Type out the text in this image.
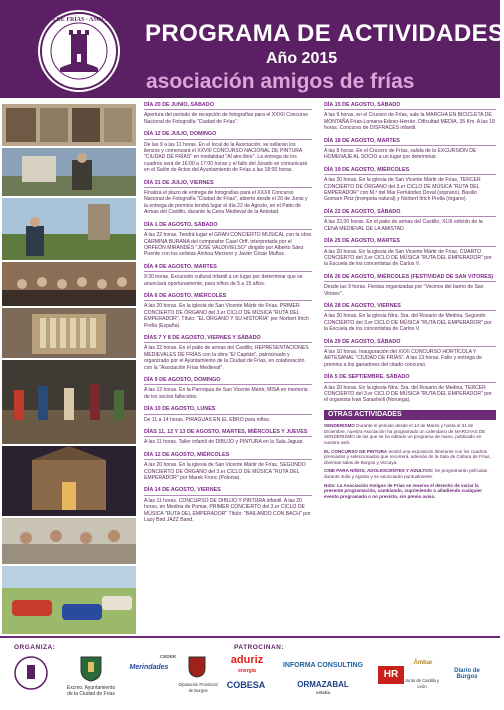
AMIGOS DE FRÍAS · ASOCIACIÓN PROGRAMA DE ACTIVIDADES
Año 2015
asociación amigos de frías
DÍA 20 DE JUNIO, SÁBADO
Apertura del periodo de recepción de fotografías para el XXXII Concurso Nacional de Fotografía "Ciudad de Frías".
DÍA 12 DE JULIO, DOMINGO
De las 9 a las 11 horas. En el local de la Asociación, se sellarán los lienzos y comenzará el XXVIII CONCURSO NACIONAL DE PINTURA "CIUDAD DE FRÍAS" en modalidad "Al aire libre". La entrega de los cuadros será de 16:00 a 17:00 horas y el fallo del Jurado se comunicará en el Salón de Actos del Ayuntamiento de Frías a las 18:00 horas.
DÍA 31 DE JULIO, VIERNES
Finaliza el plazo de entrega de fotografías para el XXXII Concurso Nacional de Fotografía "Ciudad de Frías", abierto desde el 20 de Junio y la entrega de premios tendrá lugar el día 22 de Agosto, en el Patio de Armas del Castillo, durante la Cena Medieval de la Amistad.
DÍA 1 DE AGOSTO, SÁBADO
A las 22 horas. Tendrá lugar el GRAN CONCIERTO MUSICAL con la obra CARMINA BURANA del compositor Caarl Orff, interpretada por el ORFEÓN MIRANDÉS "JOSÉ VALDIVIELSO" dirigido por Alberto Sáez Puente con los solistas Ainhoa Merzero y Javier César Muñoz.
DÍA 4 DE AGOSTO, MARTES
9:30 horas. Excursión cultural infantil a un lugar por determinar que se anunciará oportunamente, para niños de 5 a 15 años.
DÍA 6 DE AGOSTO, MIÉRCOLES
A las 20 horas. En la iglesia de San Vicente Mártir de Frías, PRIMER CONCIERTO DE ÓRGANO del 3.er CICLO DE MÚSICA "RUTA DEL EMPERADOR". Título: "EL ÓRGANO Y SU HISTORIA" por Norbert Itrich Prella (España).
DÍAS 7 Y 8 DE AGOSTO, VIERNES Y SÁBADO
A las 22 horas. En el patio de armas del Castillo, REPRESENTACIONES MEDIEVALES DE FRÍAS con la obra "El Capitán", patrocinado y organizado por el Ayuntamiento de la Ciudad de Frías, en colaboración con la "Asociación Frías Medieval".
DÍA 9 DE AGOSTO, DOMINGO
A las 12 horas. En la Parroquia de San Vicente Mártir, MISA en memoria de los socios fallecidos.
DÍA 10 DE AGOSTO, LUNES
De 11 a 14 horas. PIRAGUAS EN EL EBRO para niños.
DÍAS 11, 12 Y 13 DE AGOSTO, MARTES, MIÉRCOLES Y JUEVES
A las 11 horas. Taller infantil de DIBUJO y PINTURA en la Sala Jaguar.
DÍA 12 DE AGOSTO, MIÉRCOLES
A las 20 horas. En la iglesia de San Vicente Mártir de Frías, SEGUNDO CONCIERTO DE ÓRGANO del 3.er CICLO DE MÚSICA "RUTA DEL EMPERADOR" por Marek Fronc (Polonia).
DÍA 14 DE AGOSTO, VIERNES
A las 11 horas. CONCURSO DE DIBUJO Y PINTURA infantil. A las 20 horas, en Medina de Pomar, PRIMER CONCIERTO del 3.er CICLO DE MÚSICA "RUTA DEL EMPERADOR" Título: "BAILANDO CON BACH" por Lazy Bird JAZZ Band.
DÍA 15 DE AGOSTO, SÁBADO
A las 9 horas, en el Crucero de Frías, sale la MARCHA EN BICICLETA DE MONTAÑA Frías-Lomana-Edeso-Herrán. Dificultad MEDIA, 35 Km. A las 18 horas. Concurso de DISFRACES infantil.
DÍA 18 DE AGOSTO, MARTES
A las 8 horas. En el Crucero de Frías, salida de la EXCURSIÓN DE HOMENAJE AL SOCIO a un lugar por determinar.
DÍA 19 DE AGOSTO, MIÉRCOLES
A las 20 horas. En la iglesia de San Vicente Mártir de Frías, TERCER CONCIERTO DE ÓRGANO del 3.er CICLO DE MÚSICA "RUTA DEL EMPERADOR" con M.ª del Mar Fernández Doval (soprano), Basilio Gomarn Piriz (trompeta natural) y Norbert Itrich Prella (órgano).
DÍA 22 DE AGOSTO, SÁBADO
A las 22,00 horas. En el patio de armas del Castillo, XLIII edición de la CENA MEDIEVAL DE LA AMISTAD.
DÍA 25 DE AGOSTO, MARTES
A las 20 horas. En la iglesia de San Vicente Mártir de Frías, CUARTO CONCIERTO del 3.er CICLO DE MÚSICA "RUTA DEL EMPERADOR" por la Escuela de los concertistas de Carlos V.
DÍA 26 DE AGOSTO, MIÉRCOLES (FESTIVIDAD DE SAN VITORES)
Desde las 9 horas. Fiestas organizadas por "Vecinos del barrio de San Vitores".
DÍA 28 DE AGOSTO, VIERNES
A las 20 horas. En la iglesia Ntra. Sra. del Rosario de Medina, Segundo CONCIERTO del 3.er CICLO DE MÚSICA "RUTA DEL EMPERADOR" por la Escuela de los concertistas de Carlos V.
DÍA 29 DE AGOSTO, SÁBADO
A las 10 horas. Inauguración del XXXI CONCURSO HORTÍCOLA Y ARTESANAL "CIUDAD DE FRÍAS". A las 13 horas. Fallo y entrega de premios a los ganadores del citado concurso.
DÍA 5 DE SEPTIEMBRE, SÁBADO
A las 20 horas. En la iglesia Ntra. Sra. del Rosario de Medina, TERCER CONCIERTO del 3.er CICLO DE MÚSICA "RUTA DEL EMPERADOR" por el organista Ivan Sarashvili (Noruega).
OTRAS ACTIVIDADES

SENDERISMO Durante el periodo desde el 14 de Marzo y hasta el 31 de Diciembre, nuestra Asociación ha programado un calendario de MARCHAS DE SENDERISMO de las que se ha editado un programa de mano, publicado en nuestra web.

EL CONCURSO DE PINTURA tendrá una exposición itinerante con los cuadros premiados y seleccionados que recorrerá, además de la Sala de Cultura de Frías, diversas salas de Burgos y Vizcaya.

CINE PARA NIÑOS, ADOLESCENTES Y ADULTOS: Se programarán películas durante Julio y Agosto y se anunciarán puntualmente.

Nota: La Asociación Amigos de Frías se reserva el derecho de variar la presente programación, cambiando, suprimiendo o añadiendo cualquier evento programado o no previsto, sin previo aviso.

ORGANIZA:	PATROCINAN:
Excmo. Ayuntamiento de la Ciudad de Frías
Merindades
CEDER
Diputación Provincial de Burgos
aduriz
energía
COBESA
INFORMA CONSULTING
ORMAZABAL
velatia
HR
Ámbar
Junta de Castilla y León
Diario de Burgos
